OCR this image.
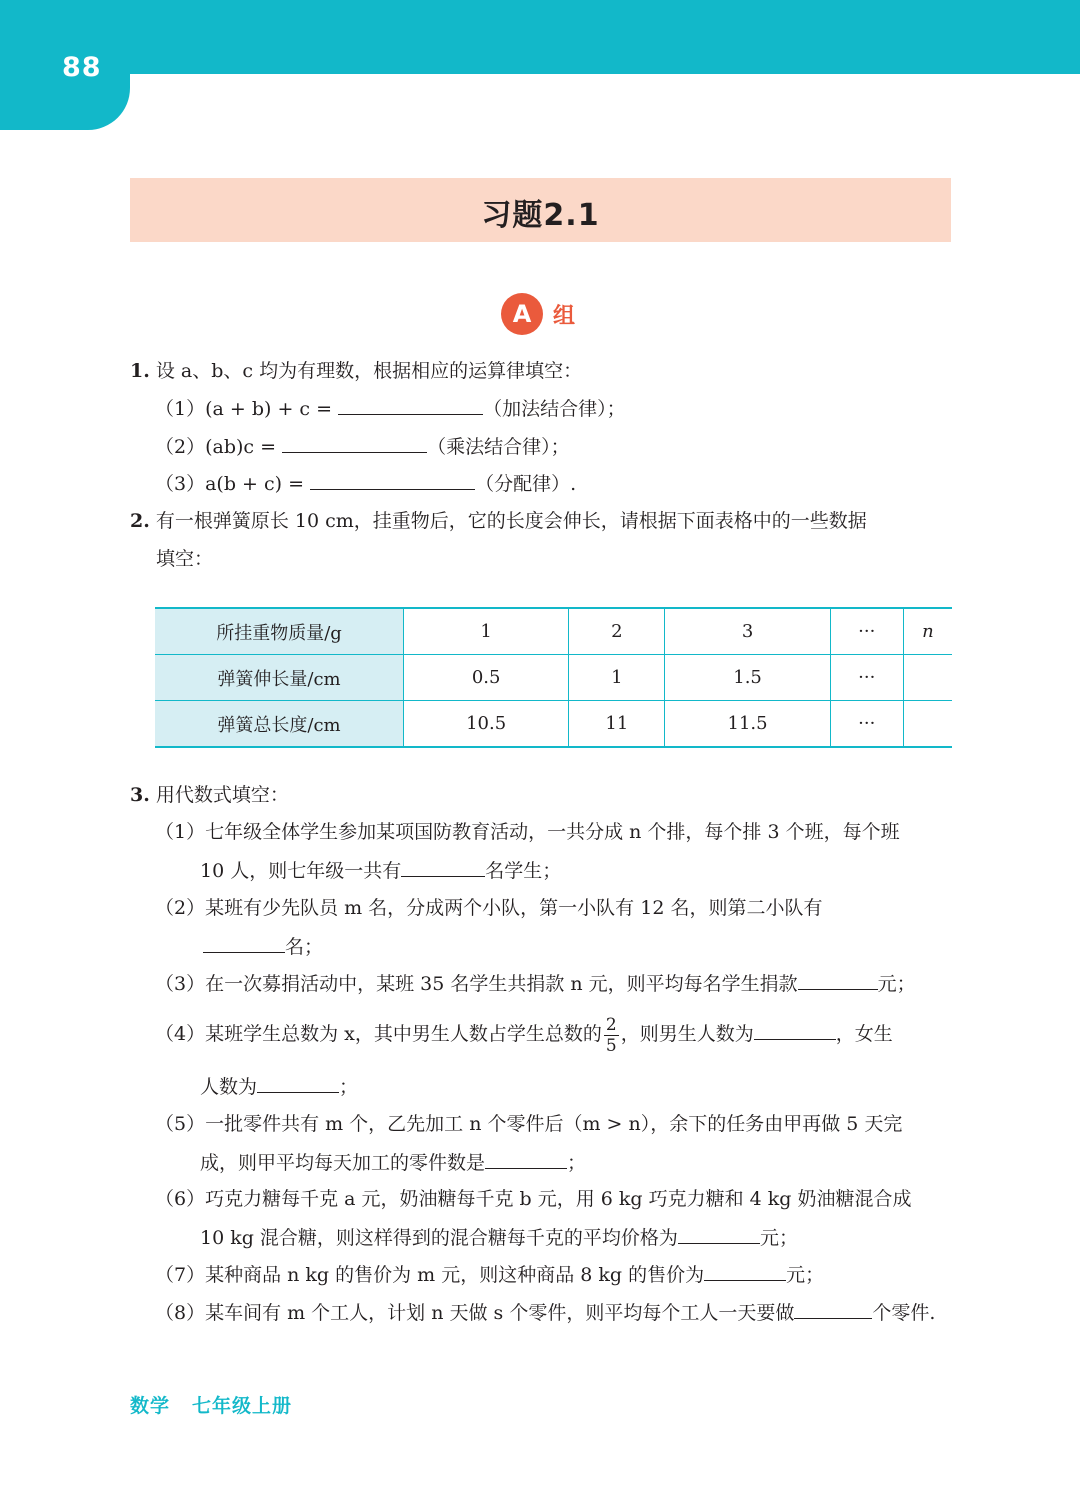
88
习题2.1
A 组
1. 设 a、b、c 均为有理数，根据相应的运算律填空：
（1）(a + b) + c =	（加法结合律）；
（2）(ab)c =	（乘法结合律）；
（3）a(b + c) =	（分配律）.
2. 有一根弹簧原长 10 cm，挂重物后，它的长度会伸长，请根据下面表格中的一些数据
填空：
所挂重物质量/g	1	2	3	···	n
弹簧伸长量/cm	0.5	1	1.5	···	
弹簧总长度/cm	10.5	11	11.5	···	
3. 用代数式填空：
（1）七年级全体学生参加某项国防教育活动，一共分成 n 个排，每个排 3 个班，每个班
10 人，则七年级一共有	名学生；
（2）某班有少先队员 m 名，分成两个小队，第一小队有 12 名，则第二小队有
名；
（3）在一次募捐活动中，某班 35 名学生共捐款 n 元，则平均每名学生捐款	元；
（4）某班学生总数为 x，其中男生人数占学生总数的 $\frac{2}{5}$ ，则男生人数为	，女生
人数为	；
（5）一批零件共有 m 个，乙先加工 n 个零件后（m > n），余下的任务由甲再做 5 天完
成，则甲平均每天加工的零件数是	；
（6）巧克力糖每千克 a 元，奶油糖每千克 b 元，用 6 kg 巧克力糖和 4 kg 奶油糖混合成
10 kg 混合糖，则这样得到的混合糖每千克的平均价格为	元；
（7）某种商品 n kg 的售价为 m 元，则这种商品 8 kg 的售价为	元；
（8）某车间有 m 个工人，计划 n 天做 s 个零件，则平均每个工人一天要做	个零件.
数学 七年级上册
